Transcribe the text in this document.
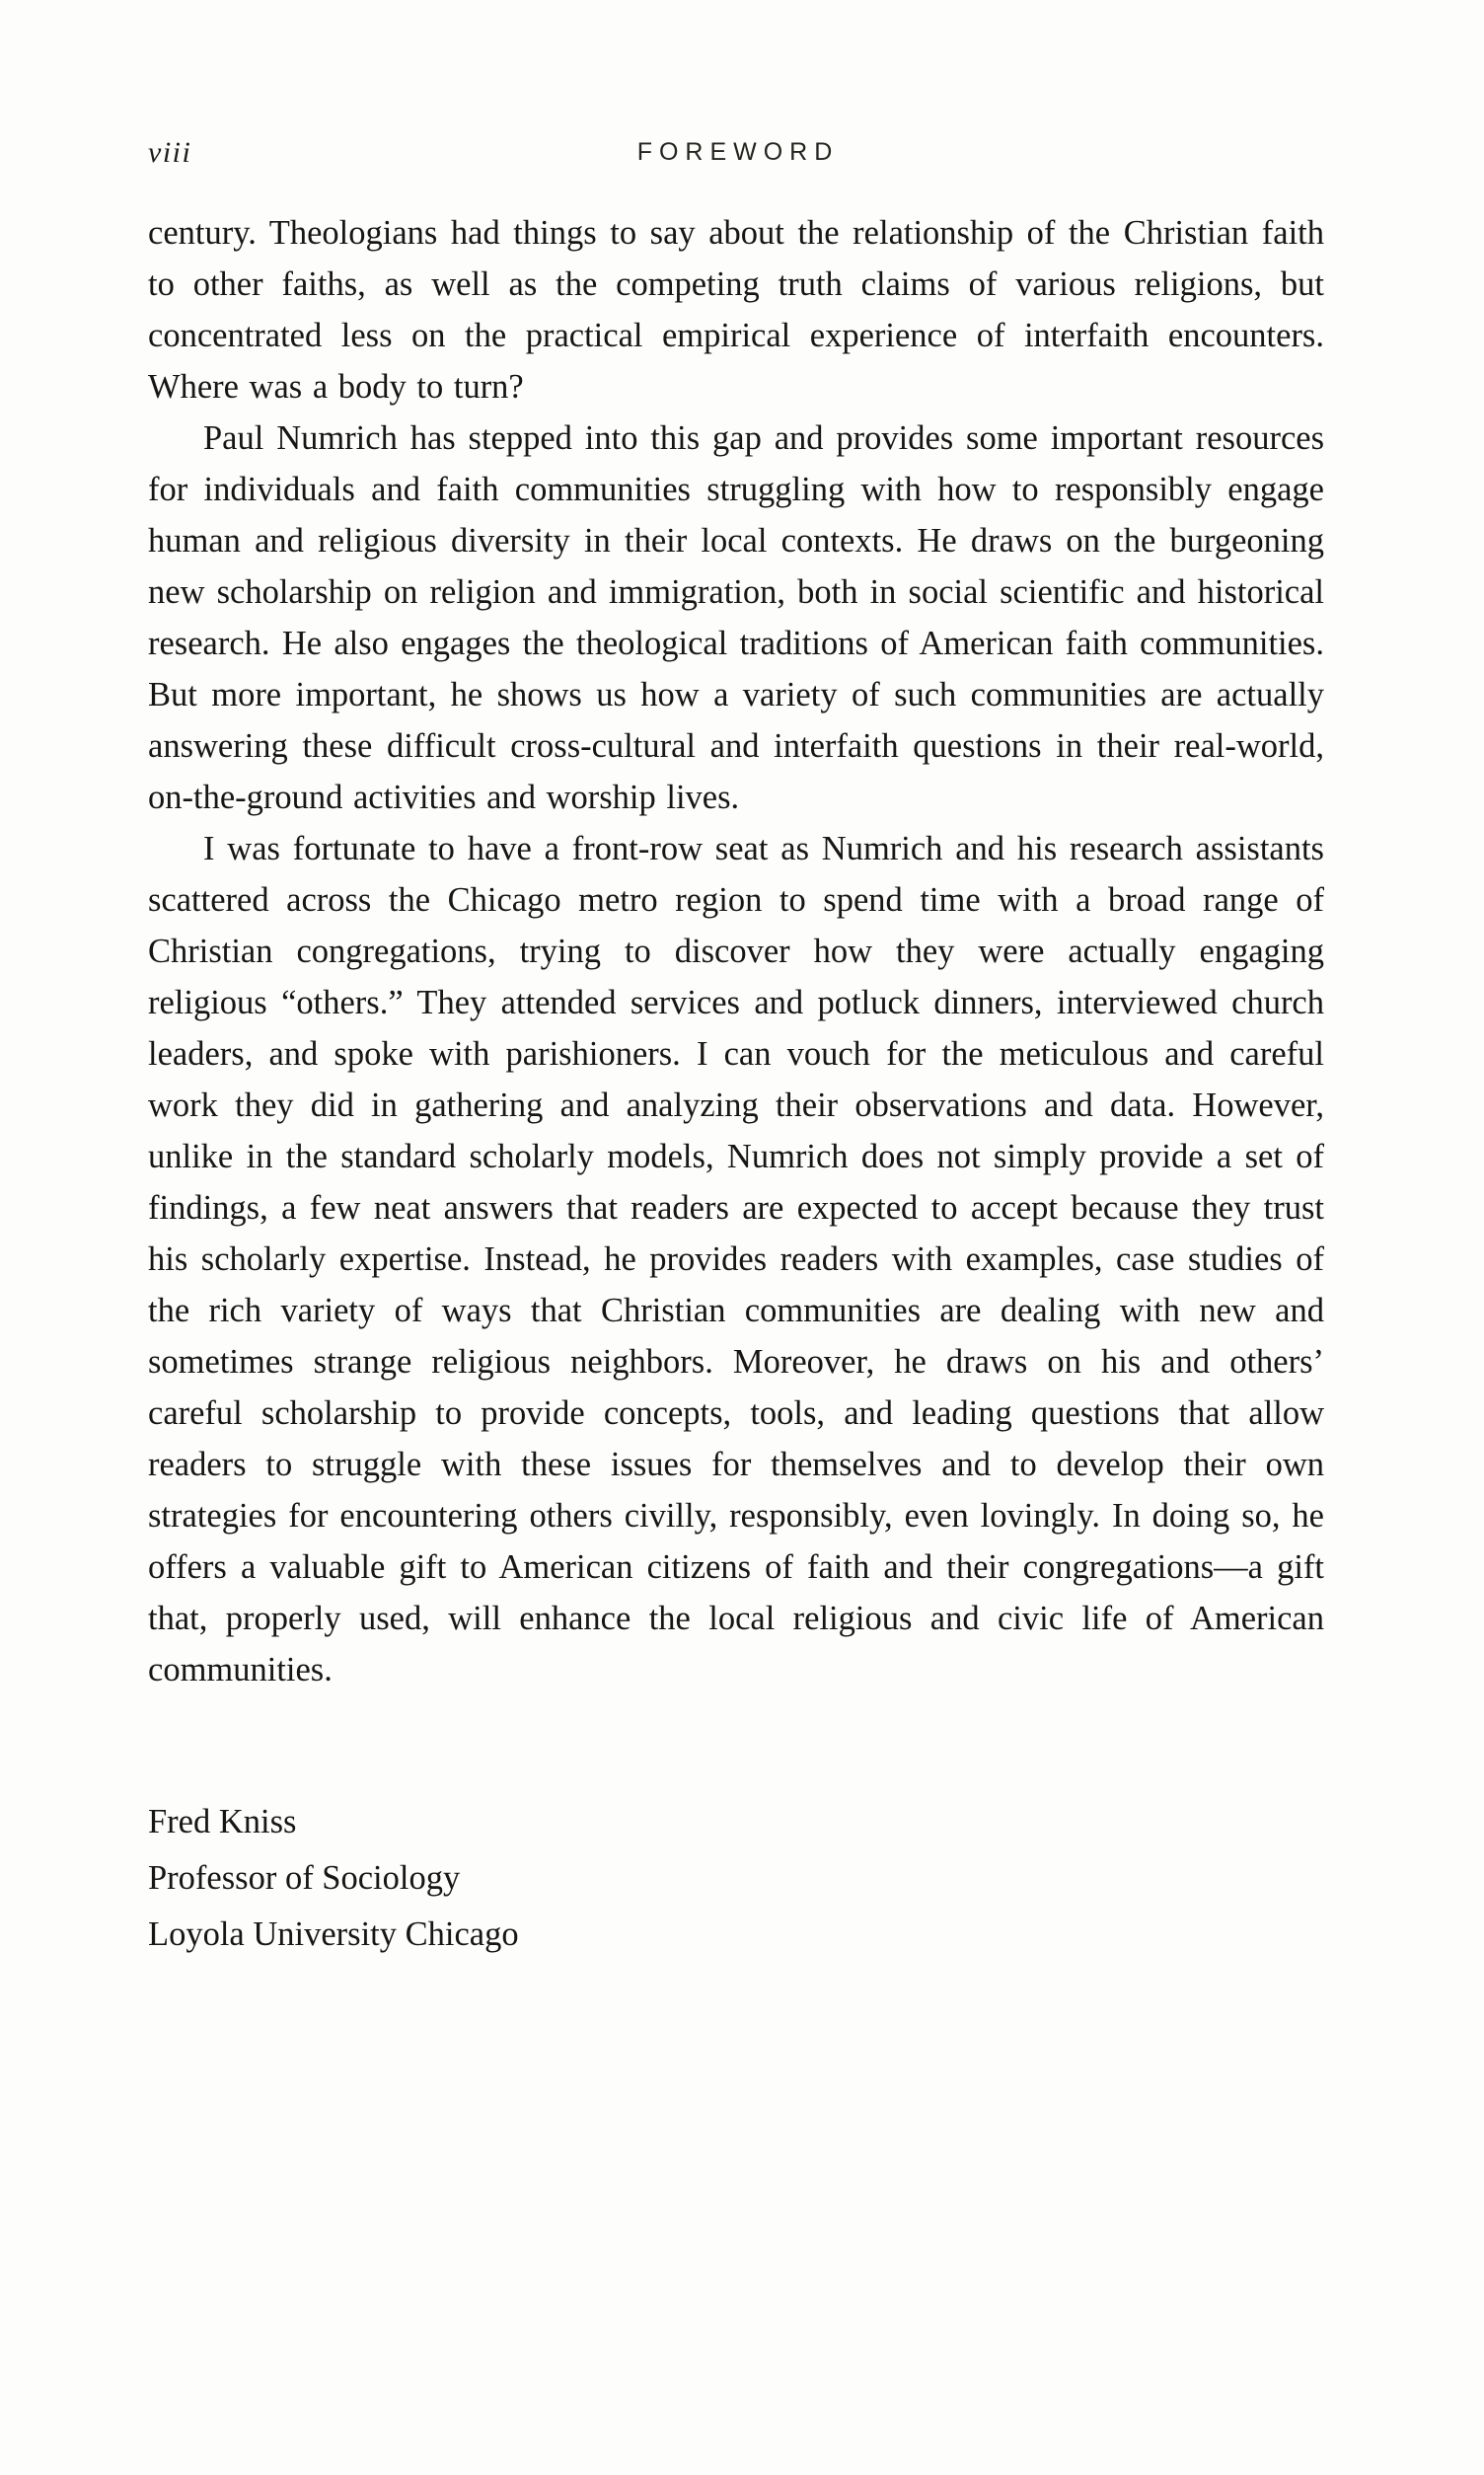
FOREWORD
viii

century. Theologians had things to say about the relationship of the Christian faith to other faiths, as well as the competing truth claims of various religions, but concentrated less on the practical empirical experience of interfaith encounters. Where was a body to turn?

Paul Numrich has stepped into this gap and provides some important resources for individuals and faith communities struggling with how to responsibly engage human and religious diversity in their local contexts. He draws on the burgeoning new scholarship on religion and immigration, both in social scientific and historical research. He also engages the theological traditions of American faith communities. But more important, he shows us how a variety of such communities are actually answering these difficult cross-cultural and interfaith questions in their real-world, on-the-ground activities and worship lives.

I was fortunate to have a front-row seat as Numrich and his research assistants scattered across the Chicago metro region to spend time with a broad range of Christian congregations, trying to discover how they were actually engaging religious “others.” They attended services and potluck dinners, interviewed church leaders, and spoke with parishioners. I can vouch for the meticulous and careful work they did in gathering and analyzing their observations and data. However, unlike in the standard scholarly models, Numrich does not simply provide a set of findings, a few neat answers that readers are expected to accept because they trust his scholarly expertise. Instead, he provides readers with examples, case studies of the rich variety of ways that Christian communities are dealing with new and sometimes strange religious neighbors. Moreover, he draws on his and others’ careful scholarship to provide concepts, tools, and leading questions that allow readers to struggle with these issues for themselves and to develop their own strategies for encountering others civilly, responsibly, even lovingly. In doing so, he offers a valuable gift to American citizens of faith and their congregations—a gift that, properly used, will enhance the local religious and civic life of American communities.

Fred Kniss
Professor of Sociology
Loyola University Chicago
